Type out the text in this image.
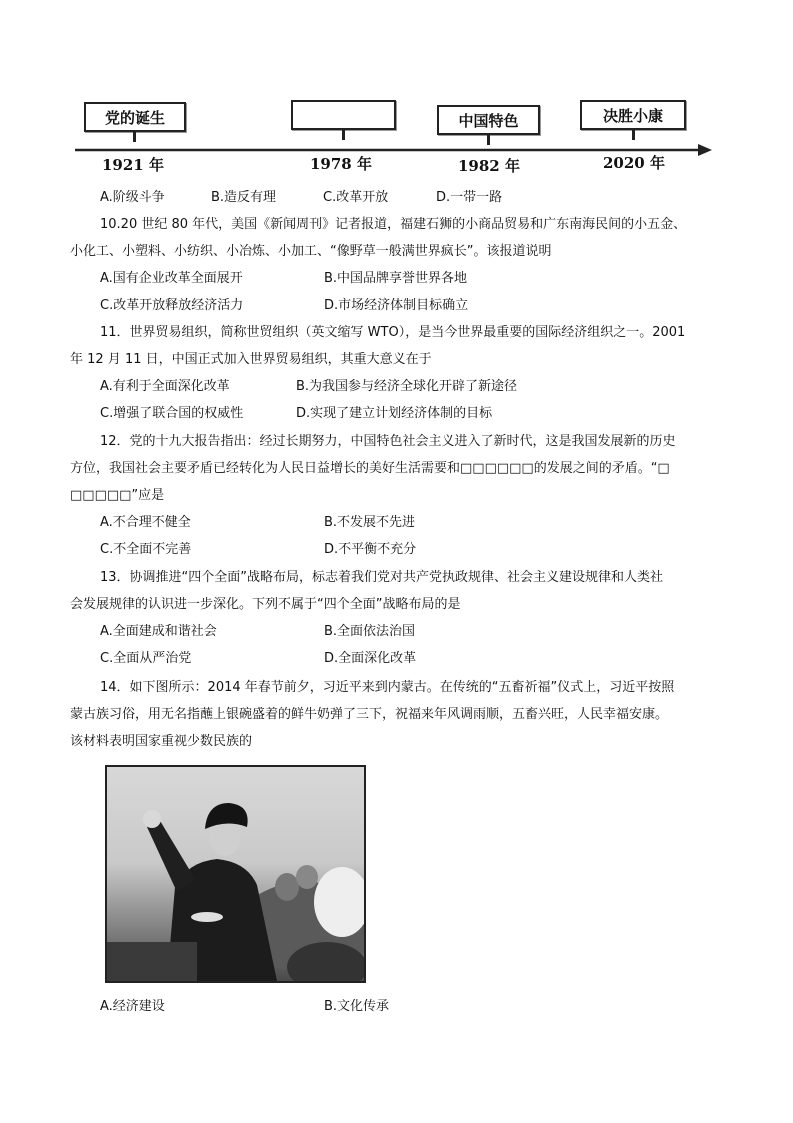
党的诞生	中国特色	决胜小康
1921 年	1978 年	1982 年	2020 年
A.阶级斗争	B.造反有理	C.改革开放	D.一带一路
10.20 世纪 80 年代，美国《新闻周刊》记者报道，福建石狮的小商品贸易和广东南海民间的小五金、
小化工、小塑料、小纺织、小冶炼、小加工、“像野草一般满世界疯长”。该报道说明
A.国有企业改革全面展开	B.中国品牌享誉世界各地
C.改革开放释放经济活力	D.市场经济体制目标确立
11．世界贸易组织，简称世贸组织（英文缩写 WTO），是当今世界最重要的国际经济组织之一。2001
年 12 月 11 日，中国正式加入世界贸易组织，其重大意义在于
A.有利于全面深化改革	B.为我国参与经济全球化开辟了新途径
C.增强了联合国的权威性	D.实现了建立计划经济体制的目标
12．党的十九大报告指出：经过长期努力，中国特色社会主义进入了新时代，这是我国发展新的历史
方位，我国社会主要矛盾已经转化为人民日益增长的美好生活需要和□□□□□□的发展之间的矛盾。“□
□□□□□”应是
A.不合理不健全	B.不发展不先进
C.不全面不完善	D.不平衡不充分
13．协调推进“四个全面”战略布局，标志着我们党对共产党执政规律、社会主义建设规律和人类社
会发展规律的认识进一步深化。下列不属于“四个全面”战略布局的是
A.全面建成和谐社会	B.全面依法治国
C.全面从严治党	D.全面深化改革
14．如下图所示：2014 年春节前夕，习近平来到内蒙古。在传统的“五畜祈福”仪式上，习近平按照
蒙古族习俗，用无名指蘸上银碗盛着的鲜牛奶弹了三下，祝福来年风调雨顺，五畜兴旺，人民幸福安康。
该材料表明国家重视少数民族的
A.经济建设	B.文化传承
